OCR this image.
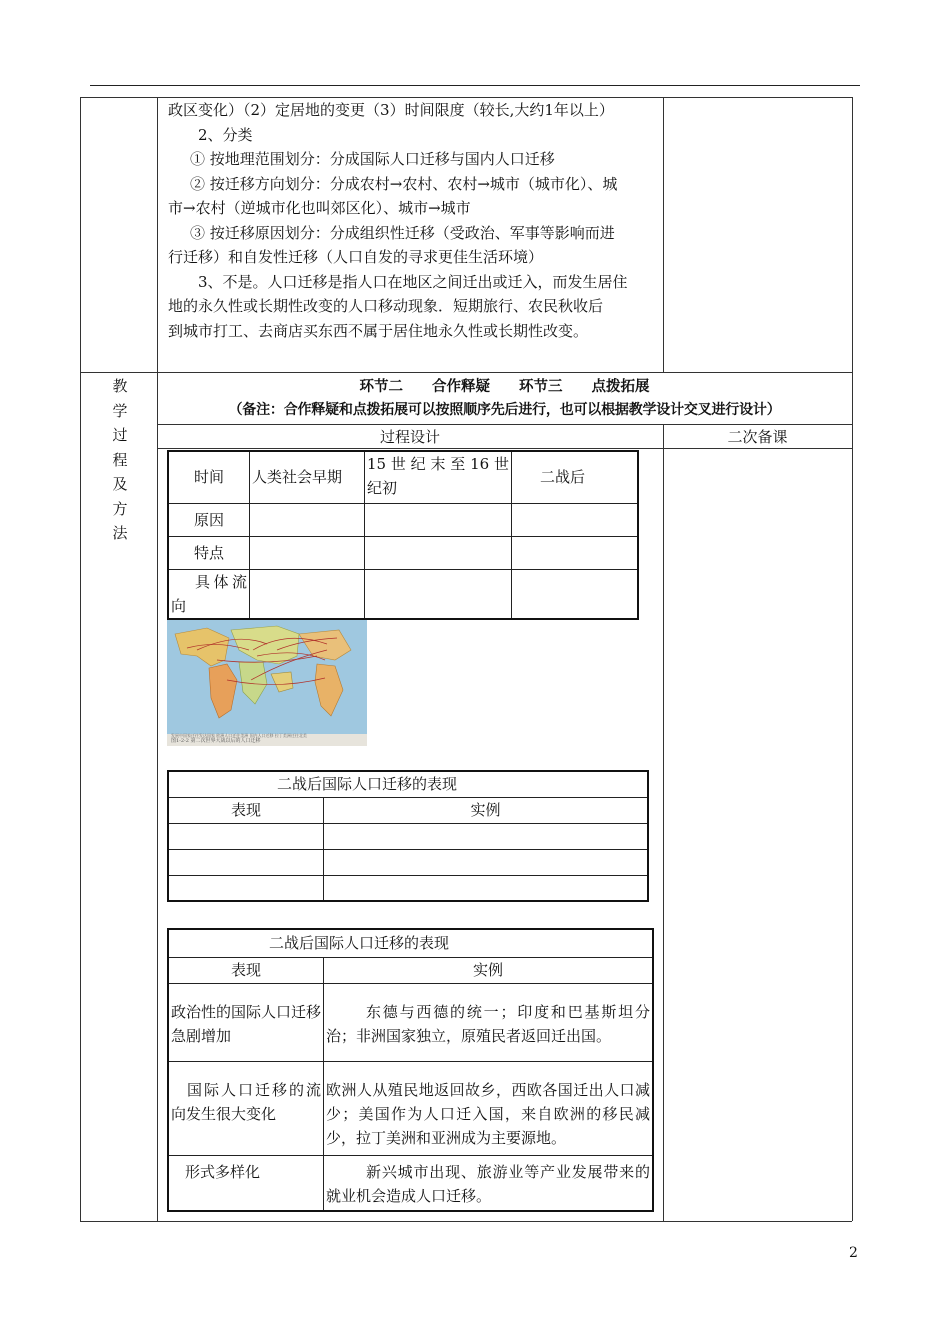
政区变化）（2）定居地的变更（3）时间限度（较长,大约1年以上）
2、分类
① 按地理范围划分：分成国际人口迁移与国内人口迁移
② 按迁移方向划分：分成农村→农村、农村→城市（城市化）、城
市→农村（逆城市化也叫郊区化）、城市→城市
③ 按迁移原因划分：分成组织性迁移（受政治、军事等影响而进
行迁移）和自发性迁移（人口自发的寻求更佳生活环境）
3、不是。人口迁移是指人口在地区之间迁出或迁入，而发生居住
地的永久性或长期性改变的人口移动现象．短期旅行、农民秋收后
到城市打工、去商店买东西不属于居住地永久性或长期性改变。
教
学
过
程
及
方
法
环节二　　合作释疑　　环节三　　点拨拓展
（备注：合作释疑和点拨拓展可以按照顺序先后进行，也可以根据教学设计交叉进行设计）
过程设计	二次备课
时间	人类社会早期	15 世 纪 末 至 16 世纪初	二战后
原因			
特点			
具体流向			
发展中国家迁往发达国家 欧洲人口迁往美洲 国内人口迁移 拉丁美洲迁往北美
图1-2-2 第二次世界大战以后的人口迁移
二战后国际人口迁移的表现	
表现	实例

二战后国际人口迁移的表现	
表现	实例
政治性的国际人口迁移急剧增加	东德与西德的统一；印度和巴基斯坦分治；非洲国家独立，原殖民者返回迁出国。
国际人口迁移的流向发生很大变化	欧洲人从殖民地返回故乡，西欧各国迁出人口减少；美国作为人口迁入国，来自欧洲的移民减少，拉丁美洲和亚洲成为主要源地。
形式多样化	新兴城市出现、旅游业等产业发展带来的就业机会造成人口迁移。
2
